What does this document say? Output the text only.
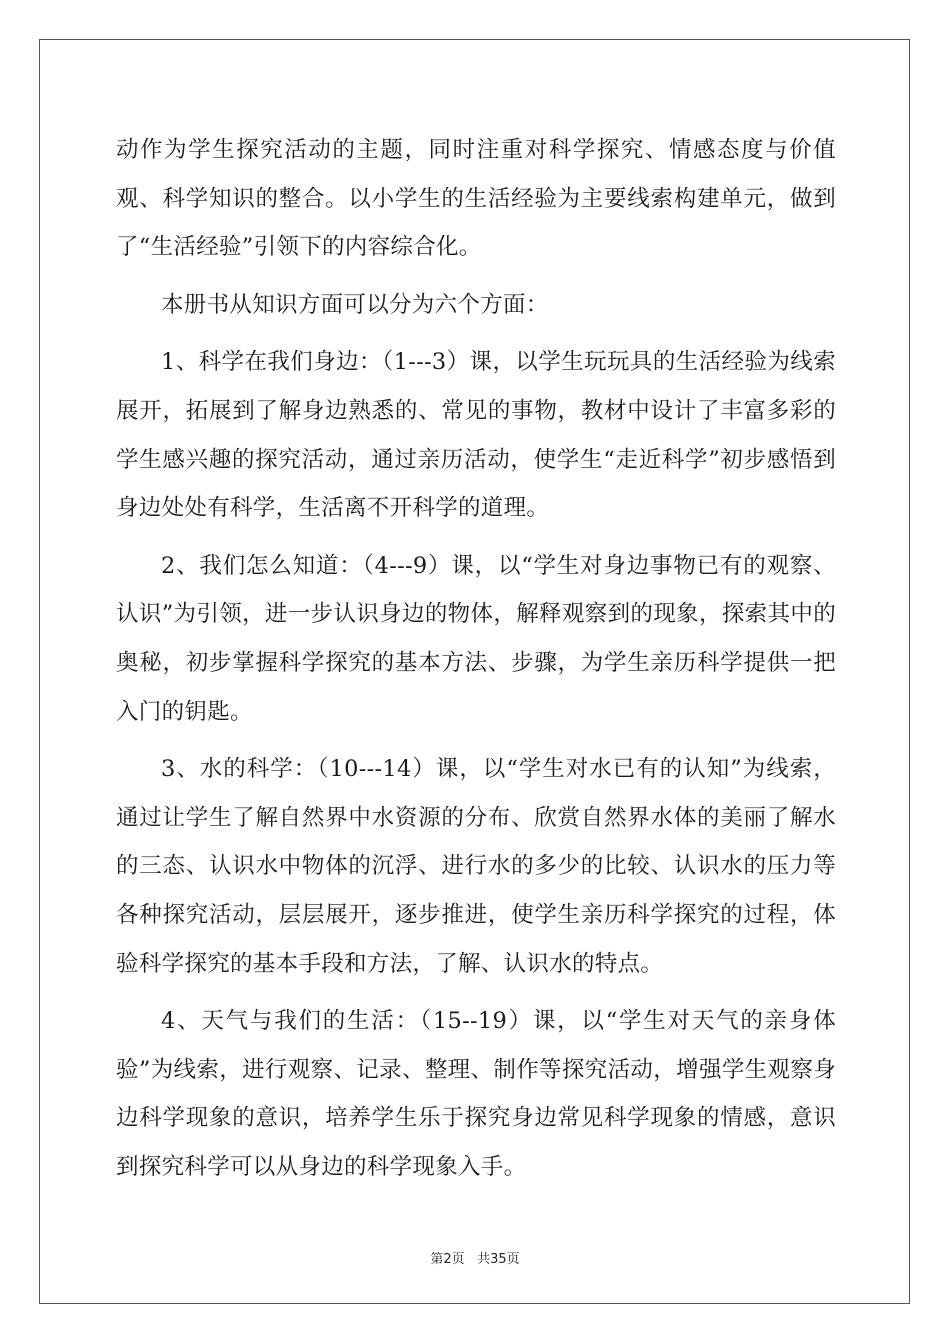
动作为学生探究活动的主题，同时注重对科学探究、情感态度与价值观、科学知识的整合。以小学生的生活经验为主要线索构建单元，做到了“生活经验”引领下的内容综合化。

本册书从知识方面可以分为六个方面：

1、科学在我们身边：（1---3）课，以学生玩玩具的生活经验为线索展开，拓展到了解身边熟悉的、常见的事物，教材中设计了丰富多彩的学生感兴趣的探究活动，通过亲历活动，使学生“走近科学”初步感悟到身边处处有科学，生活离不开科学的道理。

2、我们怎么知道：（4---9）课，以“学生对身边事物已有的观察、认识”为引领，进一步认识身边的物体，解释观察到的现象，探索其中的奥秘，初步掌握科学探究的基本方法、步骤，为学生亲历科学提供一把入门的钥匙。

3、水的科学：（10---14）课，以“学生对水已有的认知”为线索，通过让学生了解自然界中水资源的分布、欣赏自然界水体的美丽了解水的三态、认识水中物体的沉浮、进行水的多少的比较、认识水的压力等各种探究活动，层层展开，逐步推进，使学生亲历科学探究的过程，体验科学探究的基本手段和方法，了解、认识水的特点。

4、天气与我们的生活：（15--19）课，以“学生对天气的亲身体验”为线索，进行观察、记录、整理、制作等探究活动，增强学生观察身边科学现象的意识，培养学生乐于探究身边常见科学现象的情感，意识到探究科学可以从身边的科学现象入手。

第2页 共35页
